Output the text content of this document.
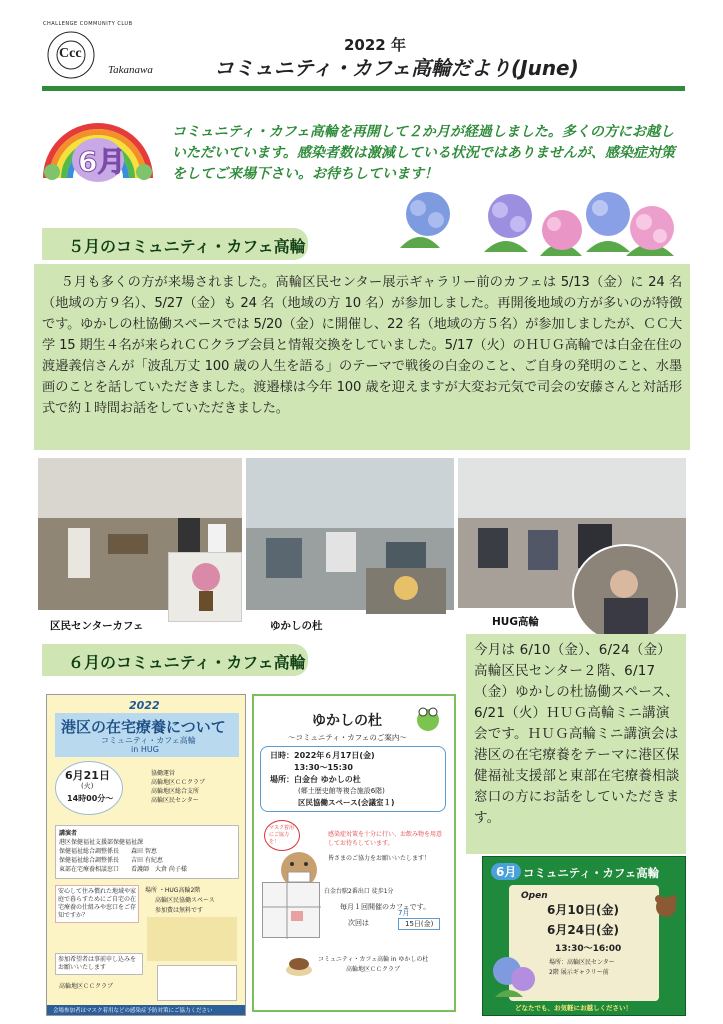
Ccc
CHALLENGE COMMUNITY CLUB
Takanawa
2022 年
コミュニティ・カフェ高輪だより(June)
6月
コミュニティ・カフェ高輪を再開して２か月が経過しました。多くの方にお越しいただいています。感染者数は激減している状況ではありませんが、感染症対策をしてご来場下さい。お待ちしています！
５月のコミュニティ・カフェ高輪
５月も多くの方が来場されました。高輪区民センター展示ギャラリー前のカフェは 5/13（金）に 24 名（地域の方９名）、5/27（金）も 24 名（地域の方 10 名）が参加しました。再開後地域の方が多いのが特徴です。ゆかしの杜協働スペースでは 5/20（金）に開催し、22 名（地域の方５名）が参加しましたが、ＣＣ大学 15 期生４名が来られＣＣクラブ会員と情報交換をしていました。5/17（火）のＨＵＧ高輪では白金在住の渡邉義信さんが「波乱万丈 100 歳の人生を語る」のテーマで戦後の白金のこと、ご自身の発明のこと、水墨画のことを話していただきました。渡邉様は今年 100 歳を迎えますが大変お元気で司会の安藤さんと対話形式で約１時間お話をしていただきました。
区民センターカフェ	ゆかしの杜	HUG高輪
６月のコミュニティ・カフェ高輪
今月は 6/10（金）、6/24（金）高輪区民センター２階、6/17（金）ゆかしの杜協働スペース、6/21（火）ＨＵＧ高輪ミニ講演会です。ＨＵＧ高輪ミニ講演会は港区の在宅療養をテーマに港区保健福祉支援部と東部在宅療養相談窓口の方にお話をしていただきます。
2022
港区の在宅療養について
コミュニティ・カフェ高輪
in HUG
6月21日
(火)
14時00分～
協働運営
高輪地区ＣＣクラブ
高輪地区総合支所
高輪区民センター
講演者
港区保健福祉支援部保健福祉課
保健福祉総合調整係長　　森田 智恵
保健福祉総合調整係長　　吉田 有紀恵
東部在宅療養相談窓口　　看護師　大倉 尚子様
安心して住み慣れた地域や家庭で暮らすためにご自宅の在宅療養の仕組みや窓口をご存知ですか？
場所 ・HUG高輪2階
高輪区民協働スペース
参加費は無料です
参加希望者は事前申し込みをお願いいたします
高輪地区ＣＣクラブ
会場参加者はマスク着用などの感染症予防対策にご協力ください
ゆかしの杜
～コミュニティ・カフェのご案内～
日時：2022年６月17日(金)
13:30～15:30
場所：白金台 ゆかしの杜
(郷土歴史館等複合施設6階)
区民協働スペース(会議室１)
マスク着用にご協力を！
感染症対策を十分に行い、お飲み物を用意してお待ちしています。
皆さまのご協力をお願いいたします！
白金台駅2番出口 徒歩1分
毎月１回開催のカフェです。
次回は
7月
15日(金)
コミュニティ・カフェ高輪 in ゆかしの杜
高輪地区ＣＣクラブ
6月 コミュニティ・カフェ高輪
Open
6月10日(金)
6月24日(金)
13:30～16:00
場所：高輪区民センター
2階 展示ギャラリー前
どなたでも、お気軽にお越しください！
